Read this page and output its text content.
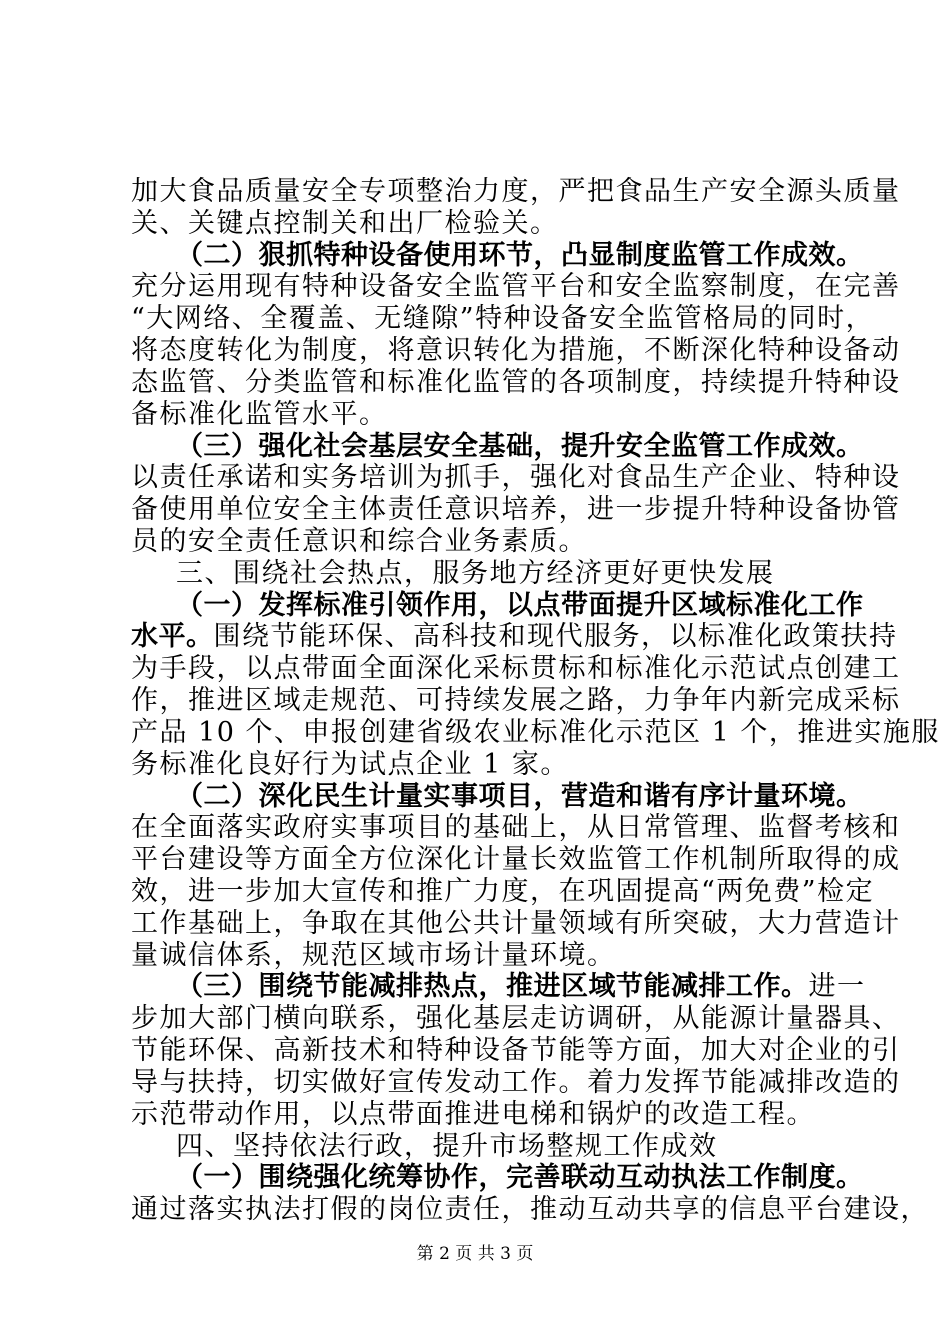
加大食品质量安全专项整治力度，严把食品生产安全源头质量
关、关键点控制关和出厂检验关。
（二）狠抓特种设备使用环节，凸显制度监管工作成效。
充分运用现有特种设备安全监管平台和安全监察制度，在完善
“大网络、全覆盖、无缝隙”特种设备安全监管格局的同时，
将态度转化为制度，将意识转化为措施，不断深化特种设备动
态监管、分类监管和标准化监管的各项制度，持续提升特种设
备标准化监管水平。
（三）强化社会基层安全基础，提升安全监管工作成效。
以责任承诺和实务培训为抓手，强化对食品生产企业、特种设
备使用单位安全主体责任意识培养，进一步提升特种设备协管
员的安全责任意识和综合业务素质。
三、围绕社会热点，服务地方经济更好更快发展
（一）发挥标准引领作用，以点带面提升区域标准化工作
水平。围绕节能环保、高科技和现代服务，以标准化政策扶持
为手段，以点带面全面深化采标贯标和标准化示范试点创建工
作，推进区域走规范、可持续发展之路，力争年内新完成采标
产品 10 个、申报创建省级农业标准化示范区 1 个，推进实施服
务标准化良好行为试点企业 1 家。
（二）深化民生计量实事项目，营造和谐有序计量环境。
在全面落实政府实事项目的基础上，从日常管理、监督考核和
平台建设等方面全方位深化计量长效监管工作机制所取得的成
效，进一步加大宣传和推广力度，在巩固提高“两免费”检定
工作基础上，争取在其他公共计量领域有所突破，大力营造计
量诚信体系，规范区域市场计量环境。
（三）围绕节能减排热点，推进区域节能减排工作。进一
步加大部门横向联系，强化基层走访调研，从能源计量器具、
节能环保、高新技术和特种设备节能等方面，加大对企业的引
导与扶持，切实做好宣传发动工作。着力发挥节能减排改造的
示范带动作用，以点带面推进电梯和锅炉的改造工程。
四、坚持依法行政，提升市场整规工作成效
（一）围绕强化统筹协作，完善联动互动执法工作制度。
通过落实执法打假的岗位责任，推动互动共享的信息平台建设，
第 2 页 共 3 页
